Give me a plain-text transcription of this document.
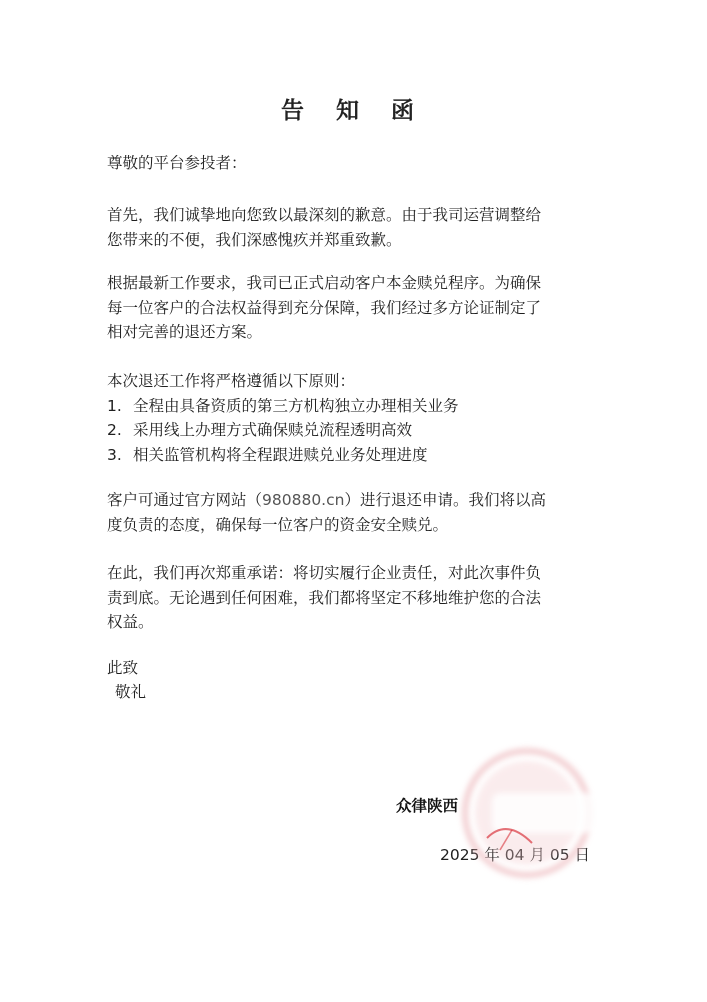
告 知 函
尊敬的平台参投者：

首先，我们诚挚地向您致以最深刻的歉意。由于我司运营调整给

您带来的不便，我们深感愧疚并郑重致歉。

根据最新工作要求，我司已正式启动客户本金赎兑程序。为确保

每一位客户的合法权益得到充分保障，我们经过多方论证制定了

相对完善的退还方案。

本次退还工作将严格遵循以下原则：

1. 全程由具备资质的第三方机构独立办理相关业务

2. 采用线上办理方式确保赎兑流程透明高效

3. 相关监管机构将全程跟进赎兑业务处理进度

客户可通过官方网站（980880.cn）进行退还申请。我们将以高

度负责的态度，确保每一位客户的资金安全赎兑。

在此，我们再次郑重承诺：将切实履行企业责任，对此次事件负

责到底。无论遇到任何困难，我们都将坚定不移地维护您的合法

权益。

此致
敬礼
众律陕西
2025 年 04 月 05 日
